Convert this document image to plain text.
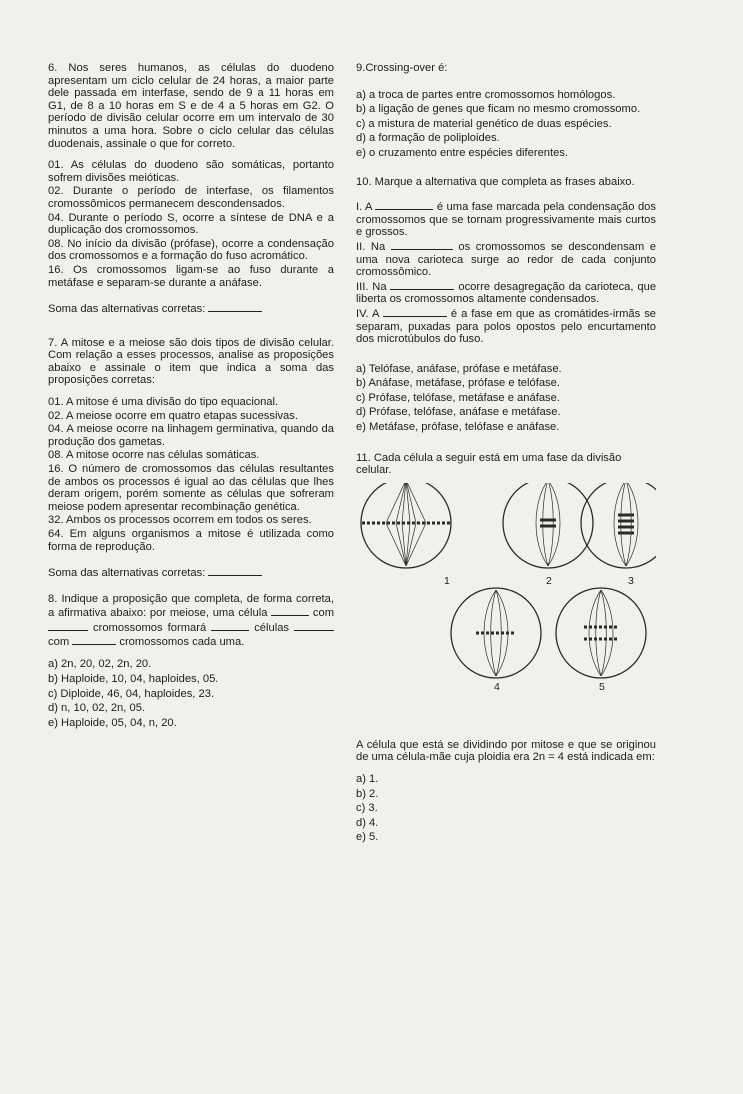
6. Nos seres humanos, as células do duodeno apresentam um ciclo celular de 24 horas, a maior parte dele passada em interfase, sendo de 9 a 11 horas em G1, de 8 a 10 horas em S e de 4 a 5 horas em G2. O período de divisão celular ocorre em um intervalo de 30 minutos a uma hora. Sobre o ciclo celular das células duodenais, assinale o que for correto.
01. As células do duodeno são somáticas, portanto sofrem divisões meióticas.
02. Durante o período de interfase, os filamentos cromossômicos permanecem descondensados.
04. Durante o período S, ocorre a síntese de DNA e a duplicação dos cromossomos.
08. No início da divisão (prófase), ocorre a condensação dos cromossomos e a formação do fuso acromático.
16. Os cromossomos ligam-se ao fuso durante a metáfase e separam-se durante a anáfase.
Soma das alternativas corretas:
7. A mitose e a meiose são dois tipos de divisão celular. Com relação a esses processos, analise as proposições abaixo e assinale o item que indica a soma das proposições corretas:
01. A mitose é uma divisão do tipo equacional.
02. A meiose ocorre em quatro etapas sucessivas.
04. A meiose ocorre na linhagem germinativa, quando da produção dos gametas.
08. A mitose ocorre nas células somáticas.
16. O número de cromossomos das células resultantes de ambos os processos é igual ao das células que lhes deram origem, porém somente as células que sofreram meiose podem apresentar recombinação genética.
32. Ambos os processos ocorrem em todos os seres.
64. Em alguns organismos a mitose é utilizada como forma de reprodução.
Soma das alternativas corretas:
8. Indique a proposição que completa, de forma correta, a afirmativa abaixo: por meiose, uma célula	com  cromossomos formará	células  com	cromossomos cada uma.
a) 2n, 20, 02, 2n, 20.
b) Haploide, 10, 04, haploides, 05.
c) Diploide, 46, 04, haploides, 23.
d) n, 10, 02, 2n, 05.
e) Haploide, 05, 04, n, 20.
9.Crossing-over é:
a) a troca de partes entre cromossomos homólogos.
b) a ligação de genes que ficam no mesmo cromossomo.
c) a mistura de material genético de duas espécies.
d) a formação de poliploides.
e) o cruzamento entre espécies diferentes.
10. Marque a alternativa que completa as frases abaixo.
I. A	é uma fase marcada pela condensação dos cromossomos que se tornam progressivamente mais curtos e grossos.
II. Na	os cromossomos se descondensam e uma nova carioteca surge ao redor de cada conjunto cromossômico.
III. Na	ocorre desagregação da carioteca, que liberta os cromossomos altamente condensados.
IV. A	é a fase em que as cromátides-irmãs se separam, puxadas para polos opostos pelo encurtamento dos microtúbulos do fuso.
a) Telófase, anáfase, prófase e metáfase.
b) Anáfase, metáfase, prófase e telófase.
c) Prófase, telófase, metáfase e anáfase.
d) Prófase, telófase, anáfase e metáfase.
e) Metáfase, prófase, telófase e anáfase.
11. Cada célula a seguir está em uma fase da divisão celular.
1	2	3
4	5
A célula que está se dividindo por mitose e que se originou de uma célula-mãe cuja ploidia era 2n = 4 está indicada em:
a) 1.
b) 2.
c) 3.
d) 4.
e) 5.
